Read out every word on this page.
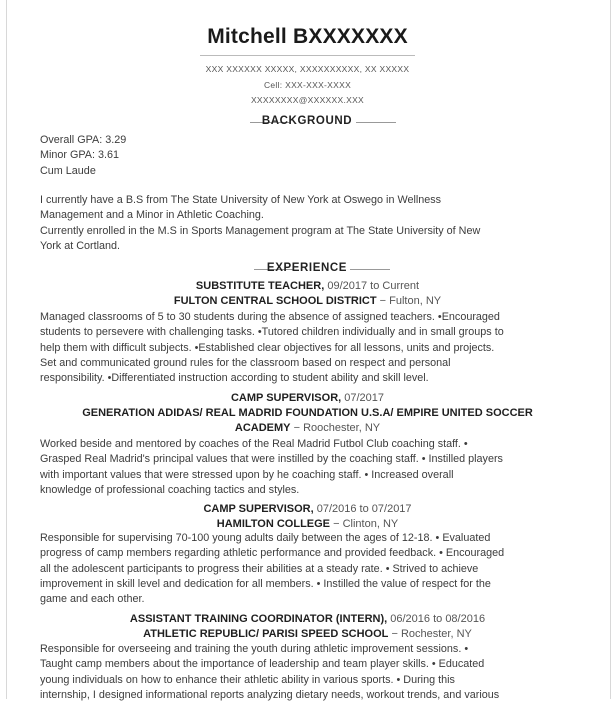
Mitchell BXXXXXXX
XXX XXXXXX XXXXX, XXXXXXXXXX, XX XXXXX
Cell: XXX-XXX-XXXX
XXXXXXXX@XXXXXX.XXX
BACKGROUND
Overall GPA: 3.29
Minor GPA: 3.61
Cum Laude
I currently have a B.S from The State University of New York at Oswego in Wellness
Management and a Minor in Athletic Coaching.
Currently enrolled in the M.S in Sports Management program at The State University of New
York at Cortland.
EXPERIENCE
SUBSTITUTE TEACHER, 09/2017 to Current
FULTON CENTRAL SCHOOL DISTRICT − Fulton, NY
Managed classrooms of 5 to 30 students during the absence of assigned teachers. •Encouraged
students to persevere with challenging tasks. •Tutored children individually and in small groups to
help them with difficult subjects. •Established clear objectives for all lessons, units and projects.
Set and communicated ground rules for the classroom based on respect and personal
responsibility. •Differentiated instruction according to student ability and skill level.
CAMP SUPERVISOR, 07/2017
GENERATION ADIDAS/ REAL MADRID FOUNDATION U.S.A/ EMPIRE UNITED SOCCER
ACADEMY − Roochester, NY
Worked beside and mentored by coaches of the Real Madrid Futbol Club coaching staff. •
Grasped Real Madrid's principal values that were instilled by the coaching staff. • Instilled players
with important values that were stressed upon by he coaching staff. • Increased overall
knowledge of professional coaching tactics and styles.
CAMP SUPERVISOR, 07/2016 to 07/2017
HAMILTON COLLEGE − Clinton, NY
Responsible for supervising 70-100 young adults daily between the ages of 12-18. • Evaluated
progress of camp members regarding athletic performance and provided feedback. • Encouraged
all the adolescent participants to progress their abilities at a steady rate. • Strived to achieve
improvement in skill level and dedication for all members. • Instilled the value of respect for the
game and each other.
ASSISTANT TRAINING COORDINATOR (INTERN), 06/2016 to 08/2016
ATHLETIC REPUBLIC/ PARISI SPEED SCHOOL − Rochester, NY
Responsible for overseeing and training the youth during athletic improvement sessions. •
Taught camp members about the importance of leadership and team player skills. • Educated
young individuals on how to enhance their athletic ability in various sports. • During this
internship, I designed informational reports analyzing dietary needs, workout trends, and various
